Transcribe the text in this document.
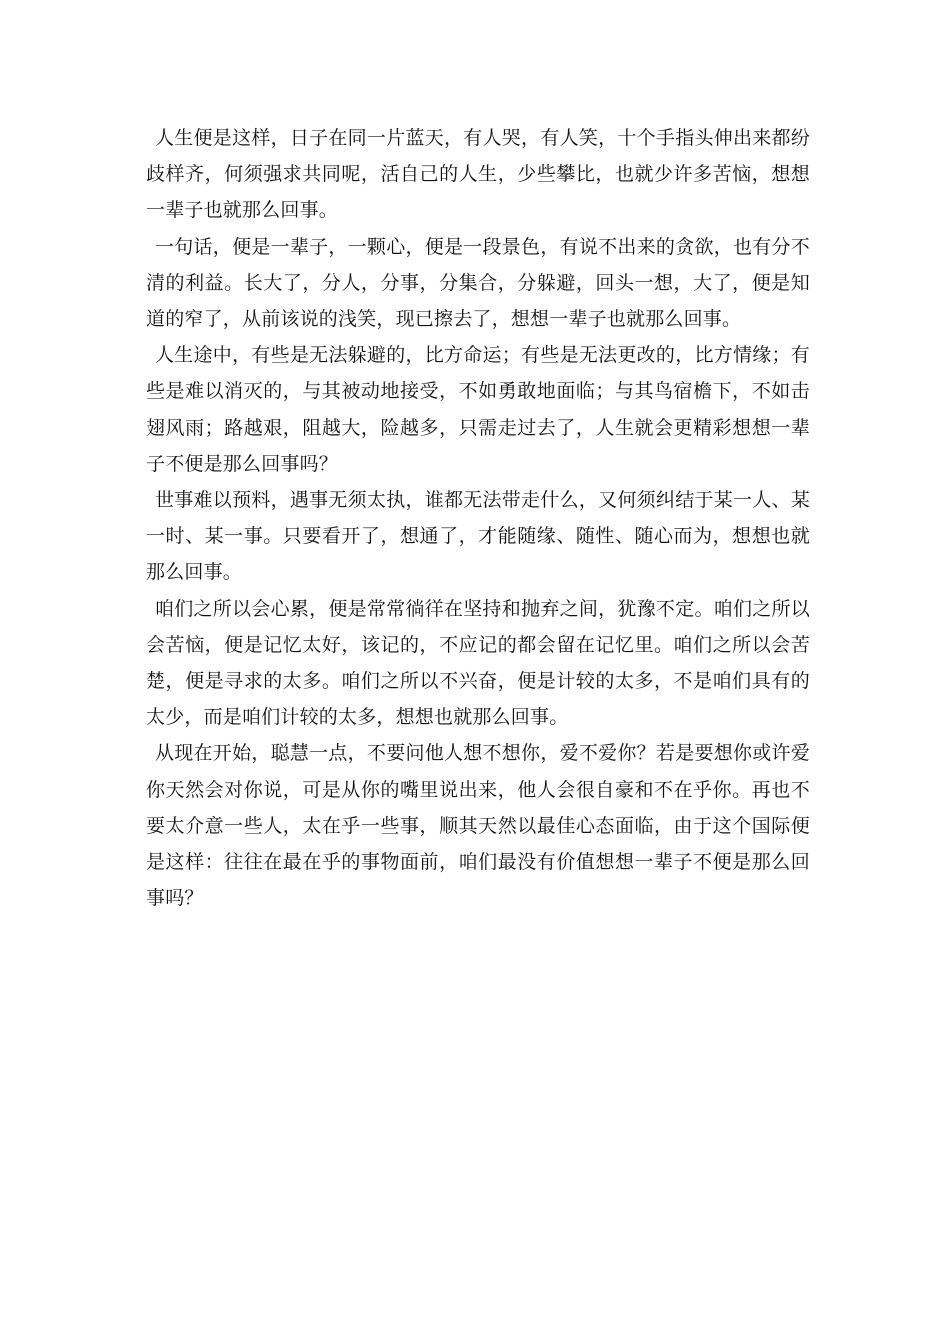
人生便是这样，日子在同一片蓝天，有人哭，有人笑，十个手指头伸出来都纷歧样齐，何须强求共同呢，活自己的人生，少些攀比，也就少许多苦恼，想想一辈子也就那么回事。

一句话，便是一辈子，一颗心，便是一段景色，有说不出来的贪欲，也有分不清的利益。长大了，分人，分事，分集合，分躲避，回头一想，大了，便是知道的窄了，从前该说的浅笑，现已擦去了，想想一辈子也就那么回事。

人生途中，有些是无法躲避的，比方命运；有些是无法更改的，比方情缘；有些是难以消灭的，与其被动地接受，不如勇敢地面临；与其鸟宿檐下，不如击翅风雨；路越艰，阻越大，险越多，只需走过去了，人生就会更精彩想想一辈子不便是那么回事吗？

世事难以预料，遇事无须太执，谁都无法带走什么，又何须纠结于某一人、某一时、某一事。只要看开了，想通了，才能随缘、随性、随心而为，想想也就那么回事。

咱们之所以会心累，便是常常徜徉在坚持和抛弃之间，犹豫不定。咱们之所以会苦恼，便是记忆太好，该记的，不应记的都会留在记忆里。咱们之所以会苦楚，便是寻求的太多。咱们之所以不兴奋，便是计较的太多，不是咱们具有的太少，而是咱们计较的太多，想想也就那么回事。

从现在开始，聪慧一点，不要问他人想不想你，爱不爱你？若是要想你或许爱你天然会对你说，可是从你的嘴里说出来，他人会很自豪和不在乎你。再也不要太介意一些人，太在乎一些事，顺其天然以最佳心态面临，由于这个国际便是这样：往往在最在乎的事物面前，咱们最没有价值想想一辈子不便是那么回事吗？
